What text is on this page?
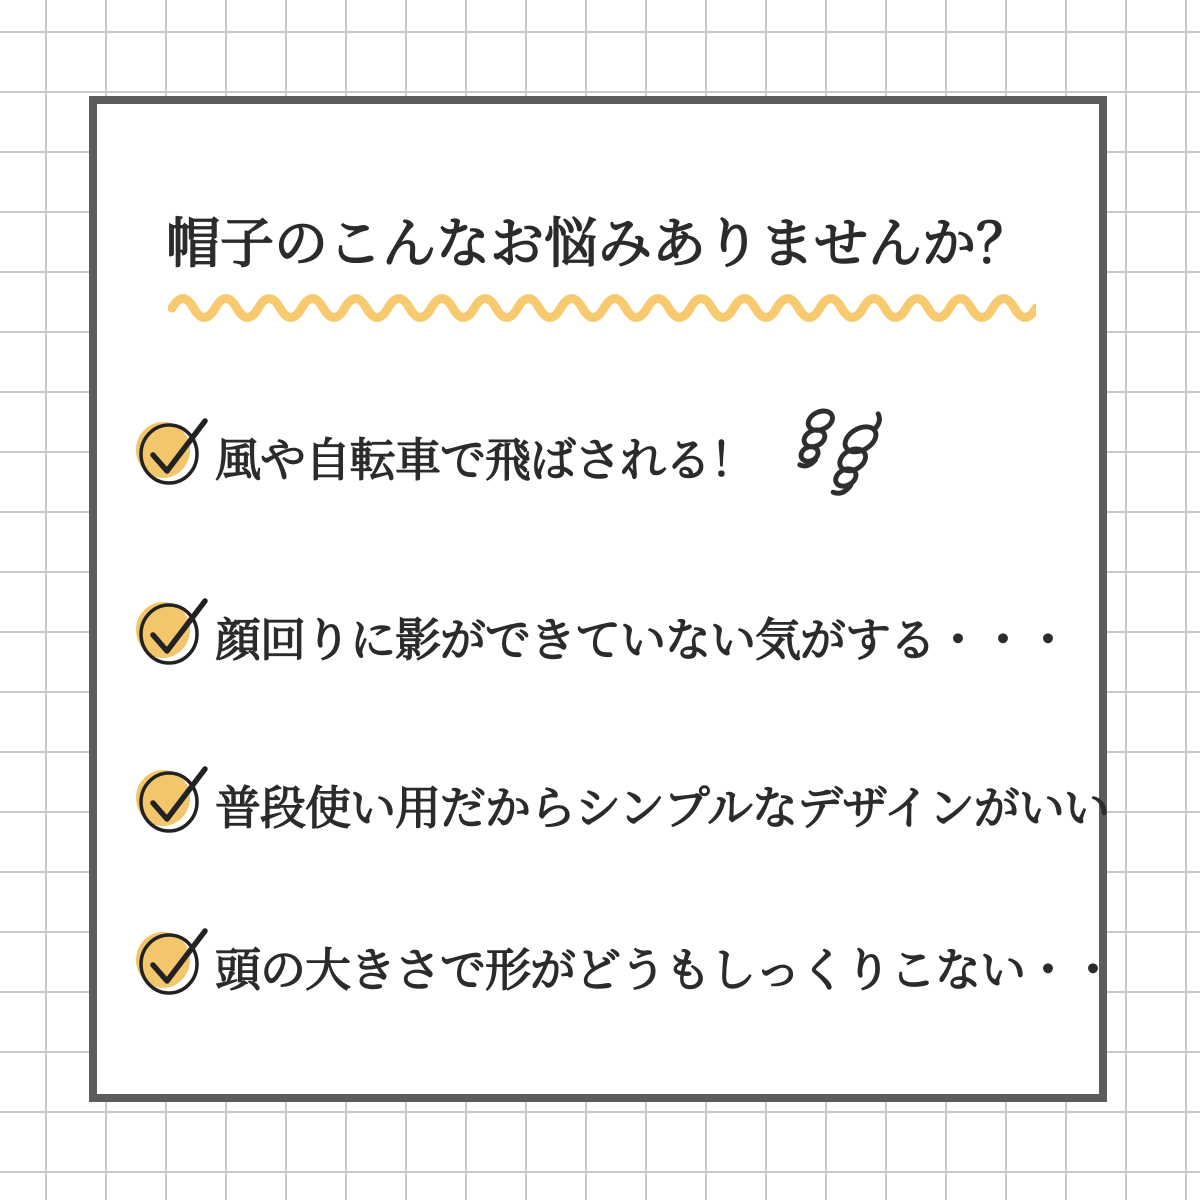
帽子のこんなお悩みありませんか？
風や自転車で飛ばされる！
顔回りに影ができていない気がする・・・
普段使い用だからシンプルなデザインがいい
頭の大きさで形がどうもしっくりこない・・
